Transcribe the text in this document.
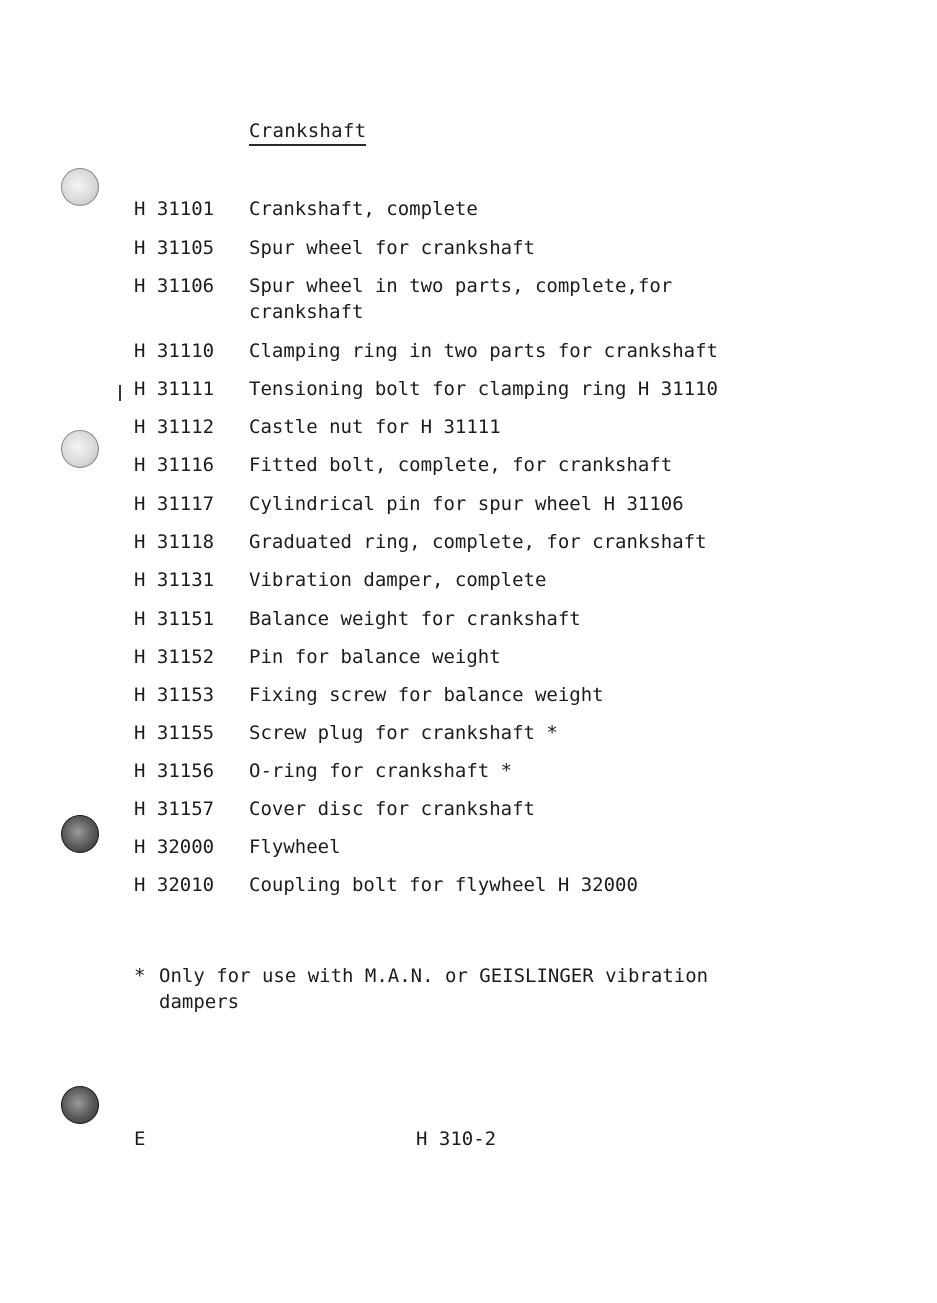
Crankshaft
H 31101 Crankshaft, complete
H 31105 Spur wheel for crankshaft
H 31106 Spur wheel in two parts, complete,for crankshaft
H 31110 Clamping ring in two parts for crankshaft
H 31111 Tensioning bolt for clamping ring H 31110
H 31112 Castle nut for H 31111
H 31116 Fitted bolt, complete, for crankshaft
H 31117 Cylindrical pin for spur wheel H 31106
H 31118 Graduated ring, complete, for crankshaft
H 31131 Vibration damper, complete
H 31151 Balance weight for crankshaft
H 31152 Pin for balance weight
H 31153 Fixing screw for balance weight
H 31155 Screw plug for crankshaft *
H 31156 O-ring for crankshaft *
H 31157 Cover disc for crankshaft
H 32000 Flywheel
H 32010 Coupling bolt for flywheel H 32000
* Only for use with M.A.N. or GEISLINGER vibration dampers
E	H 310-2
